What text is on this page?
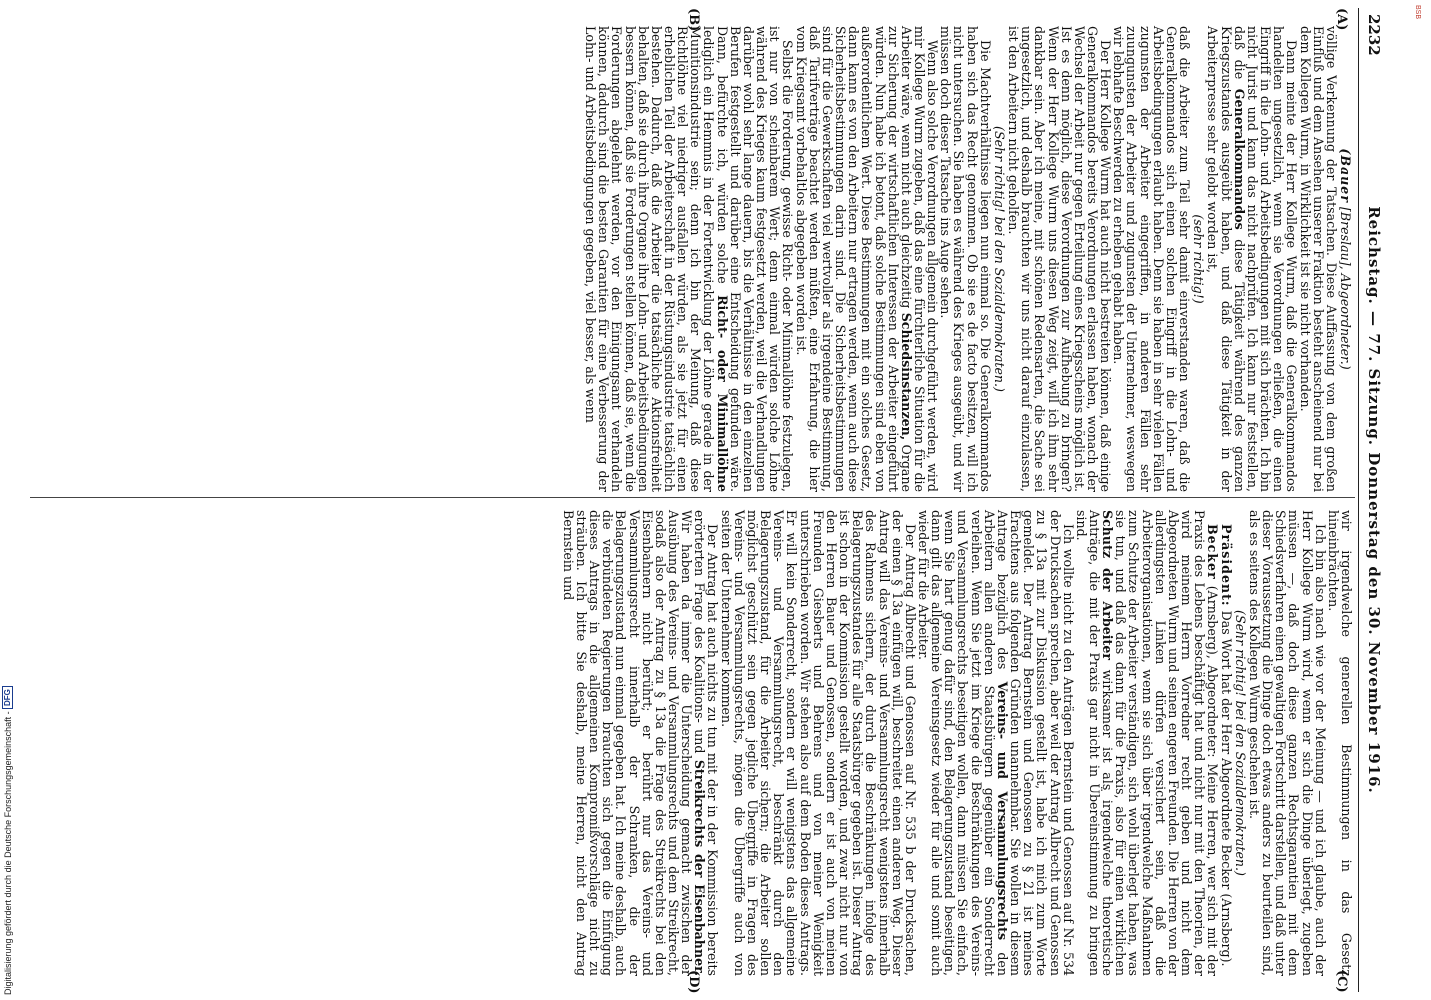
BSB
Digitalisierung gefördert durch die Deutsche Forschungsgemeinschaft - DFG
2232
Reichstag. — 77. Sitzung. Donnerstag den 30. November 1916.
(A)
(B)
(C)
(D)

(Bauer [Breslau], Abgeordneter.)

völlige Verkennung der Tatsachen. Diese Auffassung von dem großen Einfluß und dem Ansehen unserer Fraktion besteht anscheinend nur bei dem Kollegen Wurm, in Wirklichkeit ist sie nicht vorhanden.

Dann meinte der Herr Kollege Wurm, daß die Generalkommandos handelten ungesetzlich, wenn sie Verordnungen erließen, die einen Eingriff in die Lohn- und Arbeitsbedingungen mit sich brächten. Ich bin nicht Jurist und kann das nicht nachprüfen. Ich kann nur feststellen, daß die Generalkommandos diese Tätigkeit während des ganzen Kriegszustandes ausgeübt haben, und daß diese Tätigkeit in der Arbeiterpresse sehr gelobt worden ist,

(sehr richtig!)

daß die Arbeiter zum Teil sehr damit einverstanden waren, daß die Generalkommandos sich einen solchen Eingriff in die Lohn- und Arbeitsbedingungen erlaubt haben. Denn sie haben in sehr vielen Fällen zugunsten der Arbeiter eingegriffen, in anderen Fällen sehr zuungunsten der Arbeiter und zugunsten der Unternehmer, weswegen wir lebhafte Beschwerden zu erheben gehabt haben.

Der Herr Kollege Wurm hat auch nicht bestreiten können, daß einige Generalkommandos bereits Verordnungen erlassen haben, wonach der Wechsel der Arbeit nur gegen Erteilung eines Kriegsscheins möglich ist. Ist es denn möglich, diese Verordnungen zur Aufhebung zu bringen? Wenn der Herr Kollege Wurm uns diesen Weg zeigt, will ich ihm sehr dankbar sein. Aber ich meine, mit schönen Redensarten, die Sache sei ungesetzlich, und deshalb brauchten wir uns nicht darauf einzulassen, ist den Arbeitern nicht geholfen.

(Sehr richtig! bei den Sozialdemokraten.)

Die Machtverhältnisse liegen nun einmal so. Die Generalkommandos haben sich das Recht genommen. Ob sie es de facto besitzen, will ich nicht untersuchen. Sie haben es während des Krieges ausgeübt, und wir müssen doch dieser Tatsache ins Auge sehen.

Wenn also solche Verordnungen allgemein durchgeführt werden, wird mir Kollege Wurm zugeben, daß das eine fürchterliche Situation für die Arbeiter wäre, wenn nicht auch gleichzeitig Schiedsinstanzen, Organe zur Sicherung der wirtschaftlichen Interessen der Arbeiter eingeführt würden. Nun habe ich betont, daß solche Bestimmungen sind eben von außerordentlichem Wert. Diese Bestimmungen mit ein solches Gesetz, dann kann es von den Arbeitern nur ertragen werden, wenn auch diese Sicherheitsbestimmungen darin sind. Die Sicherheitsbestimmungen sind für die Gewerkschaften viel wertvoller als irgendeine Bestimmung, daß Tarifverträge beachtet werden müßten, eine Erfahrung, die hier vom Kriegsamt vorbehaltlos abgegeben worden ist.

Selbst die Forderung, gewisse Richt- oder Minimallöhne festzulegen, ist nur von scheinbarem Wert; denn einmal würden solche Löhne während des Krieges kaum festgesetzt werden, weil die Verhandlungen darüber wohl sehr lange dauern, bis die Verhältnisse in den einzelnen Berufen festgestellt und darüber eine Entscheidung gefunden wäre. Dann, befürchte ich, würden solche Richt- oder Minimallöhne lediglich ein Hemmnis in der Fortentwicklung der Löhne gerade in der Munitionsindustrie sein; denn ich bin der Meinung, daß diese Richtlöhne viel niedriger ausfallen würden, als sie jetzt für einen erheblichen Teil der Arbeiterschaft in der Rüstungsindustrie tatsächlich bestehen. Dadurch, daß die Arbeiter die tatsächliche Aktionsfreiheit behalten, daß sie durch ihre Organe ihre Lohn- und Arbeitsbedingungen bessern können, daß sie Forderungen stellen können, daß sie, wenn die Forderungen abgelehnt werden, vor den Einigungsamt verhandeln können, dadurch sind die besten Garantien für eine Verbesserung der Lohn- und Arbeitsbedingungen gegeben, viel besser, als wenn

wir irgendwelche generellen Bestimmungen in das Gesetz hineinbrächten.

Ich bin also nach wie vor der Meinung — und ich glaube, auch der Herr Kollege Wurm wird, wenn er sich die Dinge überlegt, zugeben müssen —, daß doch diese ganzen Rechtsgarantien mit dem Schiedsverfahren einen gewaltigen Fortschritt darstellen, und daß unter dieser Voraussetzung die Dinge doch etwas anders zu beurteilen sind, als es seitens des Kollegen Wurm geschehen ist.

(Sehr richtig! bei den Sozialdemokraten.)

Präsident: Das Wort hat der Herr Abgeordnete Becker (Arnsberg).

Becker (Arnsberg), Abgeordneter: Meine Herren, wer sich mit der Praxis des Lebens beschäftigt hat und nicht nur mit den Theorien, der wird meinem Herrn Vorredner recht geben und nicht dem Abgeordneten Wurm und seinen engeren Freunden. Die Herren von der allerdingsten Linken dürfen versichert sein, daß die Arbeiterorganisationen, wenn sie sich über irgendwelche Maßnahmen zum Schutze der Arbeiter verständigen, sich wohl überlegt haben, was sie tun, und daß das dann für die Praxis, also für einen wirklichen Schutz der Arbeiter wirksamer ist als irgendwelche theoretische Anträge, die mit der Praxis gar nicht in Übereinstimmung zu bringen sind.

Ich wollte nicht zu den Anträgen Bernstein und Genossen auf Nr. 534 der Drucksachen sprechen, aber weil der Antrag Albrecht und Genossen zu § 13a mit zur Diskussion gestellt ist, habe ich mich zum Worte gemeldet. Der Antrag Bernstein und Genossen zu § 21 ist meines Erachtens aus folgenden Gründen unannehmbar. Sie wollen in diesem Antrage bezüglich des Vereins- und Versammlungsrechts den Arbeitern allen anderen Staatsbürgern gegenüber ein Sonderrecht verleihen. Wenn Sie jetzt im Kriege die Beschränkungen des Vereins- und Versammlungsrechts beseitigen wollen, dann müssen Sie einfach, wenn Sie hart genug dafür sind, den Belagerungszustand beseitigen, dann gilt das allgemeine Vereinsgesetz wieder für alle und somit auch wieder für die Arbeiter.

Der Antrag Albrecht und Genossen auf Nr. 535 b der Drucksachen, der einen § 13a einfügen will, beschreitet einen anderen Weg. Dieser Antrag will das Vereins- und Versammlungsrecht wenigstens innerhalb des Rahmens sichern, der durch die Beschränkungen infolge des Belagerungszustandes für alle Staatsbürger gegeben ist. Dieser Antrag ist schon in der Kommission gestellt worden, und zwar nicht nur von den Herren Bauer und Genossen, sondern er ist auch von meinen Freunden Giesberts und Behrens und von meiner Wenigkeit unterschrieben worden. Wir stehen also auf dem Boden dieses Antrags. Er will kein Sonderrecht, sondern er will wenigstens das allgemeine Vereins- und Versammlungsrecht, beschränkt durch den Belagerungszustand, für die Arbeiter sichern; die Arbeiter sollen möglichst geschützt sein gegen jegliche Übergriffe in Fragen des Vereins- und Versammlungsrechts, mögen die Übergriffe auch von seiten der Unternehmer kommen.

Der Antrag hat auch nichts zu tun mit der in der Kommission bereits erörterten Frage des Koalitions- und Streikrechts der Eisenbahner. Wir haben da immer die Unterscheidung gemacht zwischen der Ausübung des Vereins- und Versammlungsrechts und dem Streikrecht, sodaß also der Antrag zu § 13a die Frage des Streikrechts bei den Eisenbahnern nicht berührt; er berührt nur das Vereins- und Versammlungsrecht innerhalb der Schranken, die der Belagerungszustand nun einmal gegeben hat. Ich meine deshalb, auch die verbündeten Regierungen brauchten sich gegen die Einfügung dieses Antrags in die allgemeinen Kompromißvorschläge nicht zu sträuben. Ich bitte Sie deshalb, meine Herren, nicht den Antrag Bernstein und
